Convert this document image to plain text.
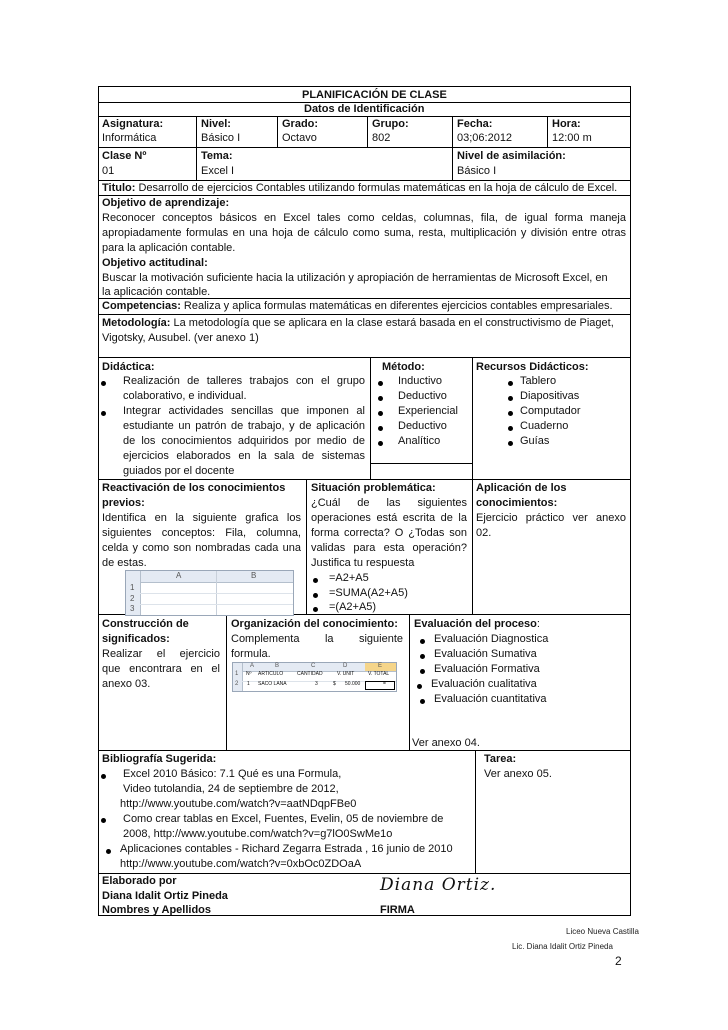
PLANIFICACIÓN DE CLASE
Datos de Identificación
Asignatura:
Informática
Nivel:
Básico I
Grado:
Octavo
Grupo:
802
Fecha:
03;06:2012
Hora:
12:00 m
Clase Nº
01
Tema:
Excel I
Nivel de asimilación:
Básico I
Titulo: Desarrollo de ejercicios Contables utilizando formulas matemáticas en la hoja de cálculo de Excel.
Objetivo de aprendizaje:
Reconocer conceptos básicos en Excel tales como celdas, columnas, fila, de igual forma maneja
apropiadamente formulas en una hoja de cálculo como suma, resta, multiplicación y división entre otras
para la aplicación contable.
Objetivo actitudinal:
Buscar la motivación suficiente hacia la utilización y apropiación de herramientas de Microsoft Excel, en
la aplicación contable.
Competencias: Realiza y aplica formulas matemáticas en diferentes ejercicios contables empresariales.
Metodología: La metodología que se aplicara en la clase estará basada en el constructivismo de Piaget,
Vigotsky, Ausubel. (ver anexo 1)
Didáctica:
Realización de talleres trabajos con el grupo
colaborativo, e individual.
Integrar actividades sencillas que imponen al
estudiante un patrón de trabajo, y de aplicación
de los conocimientos adquiridos por medio de
ejercicios elaborados en la sala de sistemas
guiados por el docente
Método:
Inductivo
Deductivo
Experiencial
Deductivo
Analítico
Recursos Didácticos:
Tablero
Diapositivas
Computador
Cuaderno
Guías
Reactivación de los conocimientos
previos:
Identifica en la siguiente grafica los
siguientes conceptos: Fila, columna,
celda y como son nombradas cada una
de estas.
A	B
1
2
3
Situación problemática:
¿Cuál de las siguientes
operaciones está escrita de la
forma correcta? O ¿Todas son
validas para esta operación?
Justifica tu respuesta
=A2+A5
=SUMA(A2+A5)
=(A2+A5)
Aplicación de los
conocimientos:
Ejercicio práctico ver anexo
02.
Construcción de
significados:
Realizar el ejercicio
que encontrara en el
anexo 03.
Organización del conocimiento:
Complementa la siguiente
formula.
A	B	C	D	E
1
2
Nº ARTICULO	CANTIDAD	V. UNIT	V. TOTAL
1 SACO LANA	3	$ 50.000	=
Evaluación del proceso:
Evaluación Diagnostica
Evaluación Sumativa
Evaluación Formativa
Evaluación cualitativa
Evaluación cuantitativa
Ver anexo 04.
Bibliografía Sugerida:
Excel 2010 Básico: 7.1 Qué es una Formula,
Video tutolandia, 24 de septiembre de 2012,
http://www.youtube.com/watch?v=aatNDqpFBe0
Como crear tablas en Excel, Fuentes, Evelin, 05 de noviembre de
2008, http://www.youtube.com/watch?v=g7lO0SwMe1o
Aplicaciones contables - Richard Zegarra Estrada , 16 junio de 2010
http://www.youtube.com/watch?v=0xbOc0ZDOaA
Tarea:
Ver anexo 05.
Elaborado por
Diana Idalit Ortiz Pineda
Nombres y Apellidos	FIRMA
Diana Ortiz.
Liceo Nueva Castilla
Lic. Diana Idalit Ortiz Pineda
2
